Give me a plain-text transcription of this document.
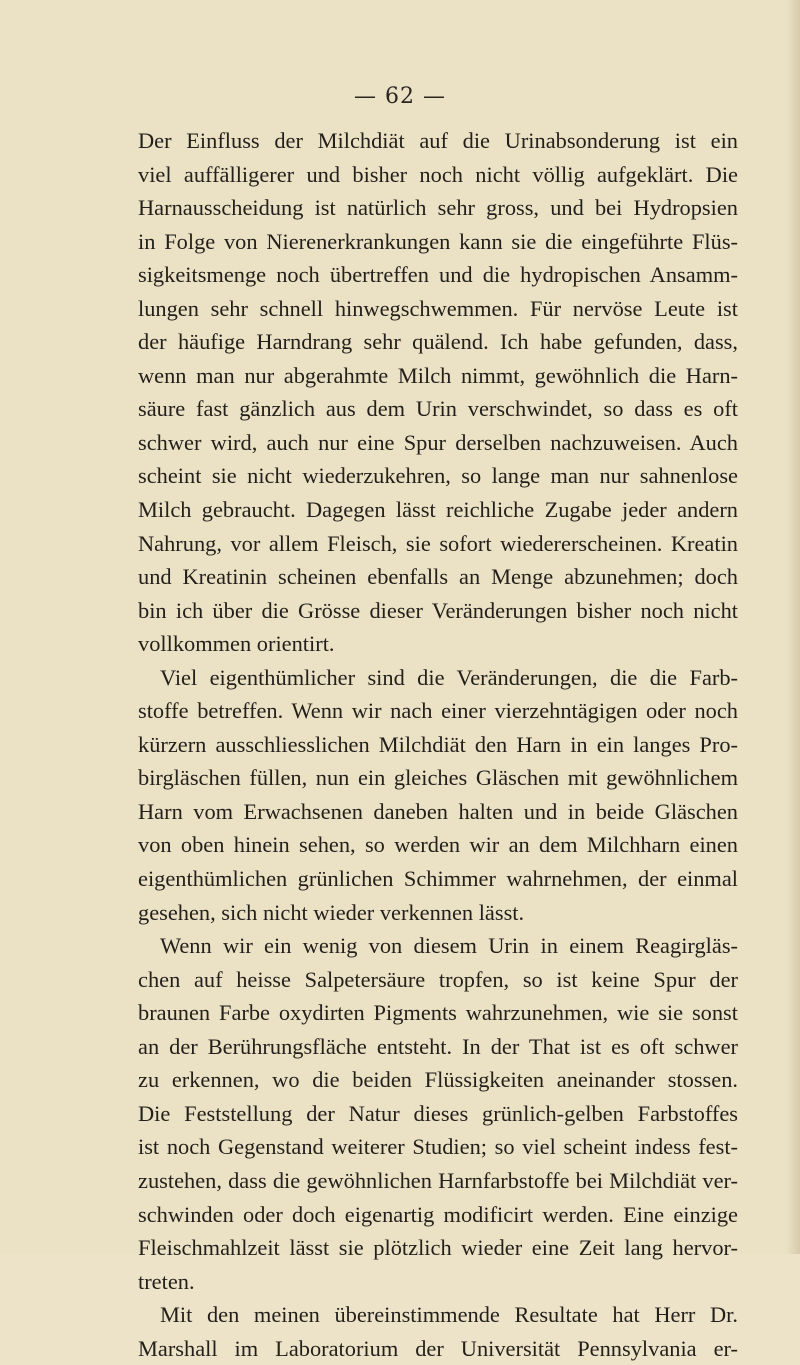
— 62 —
Der Einfluss der Milchdiät auf die Urinabsonderung ist ein
viel auffälligerer und bisher noch nicht völlig aufgeklärt. Die
Harnausscheidung ist natürlich sehr gross, und bei Hydropsien
in Folge von Nierenerkrankungen kann sie die eingeführte Flüs-
sigkeitsmenge noch übertreffen und die hydropischen Ansamm-
lungen sehr schnell hinwegschwemmen. Für nervöse Leute ist
der häufige Harndrang sehr quälend. Ich habe gefunden, dass,
wenn man nur abgerahmte Milch nimmt, gewöhnlich die Harn-
säure fast gänzlich aus dem Urin verschwindet, so dass es oft
schwer wird, auch nur eine Spur derselben nachzuweisen. Auch
scheint sie nicht wiederzukehren, so lange man nur sahnenlose
Milch gebraucht. Dagegen lässt reichliche Zugabe jeder andern
Nahrung, vor allem Fleisch, sie sofort wiedererscheinen. Kreatin
und Kreatinin scheinen ebenfalls an Menge abzunehmen; doch
bin ich über die Grösse dieser Veränderungen bisher noch nicht
vollkommen orientirt.
Viel eigenthümlicher sind die Veränderungen, die die Farb-
stoffe betreffen. Wenn wir nach einer vierzehntägigen oder noch
kürzern ausschliesslichen Milchdiät den Harn in ein langes Pro-
birgläschen füllen, nun ein gleiches Gläschen mit gewöhnlichem
Harn vom Erwachsenen daneben halten und in beide Gläschen
von oben hinein sehen, so werden wir an dem Milchharn einen
eigenthümlichen grünlichen Schimmer wahrnehmen, der einmal
gesehen, sich nicht wieder verkennen lässt.
Wenn wir ein wenig von diesem Urin in einem Reagirgläs-
chen auf heisse Salpetersäure tropfen, so ist keine Spur der
braunen Farbe oxydirten Pigments wahrzunehmen, wie sie sonst
an der Berührungsfläche entsteht. In der That ist es oft schwer
zu erkennen, wo die beiden Flüssigkeiten aneinander stossen.
Die Feststellung der Natur dieses grünlich-gelben Farbstoffes
ist noch Gegenstand weiterer Studien; so viel scheint indess fest-
zustehen, dass die gewöhnlichen Harnfarbstoffe bei Milchdiät ver-
schwinden oder doch eigenartig modificirt werden. Eine einzige
Fleischmahlzeit lässt sie plötzlich wieder eine Zeit lang hervor-
treten.
Mit den meinen übereinstimmende Resultate hat Herr Dr.
Marshall im Laboratorium der Universität Pennsylvania er-
